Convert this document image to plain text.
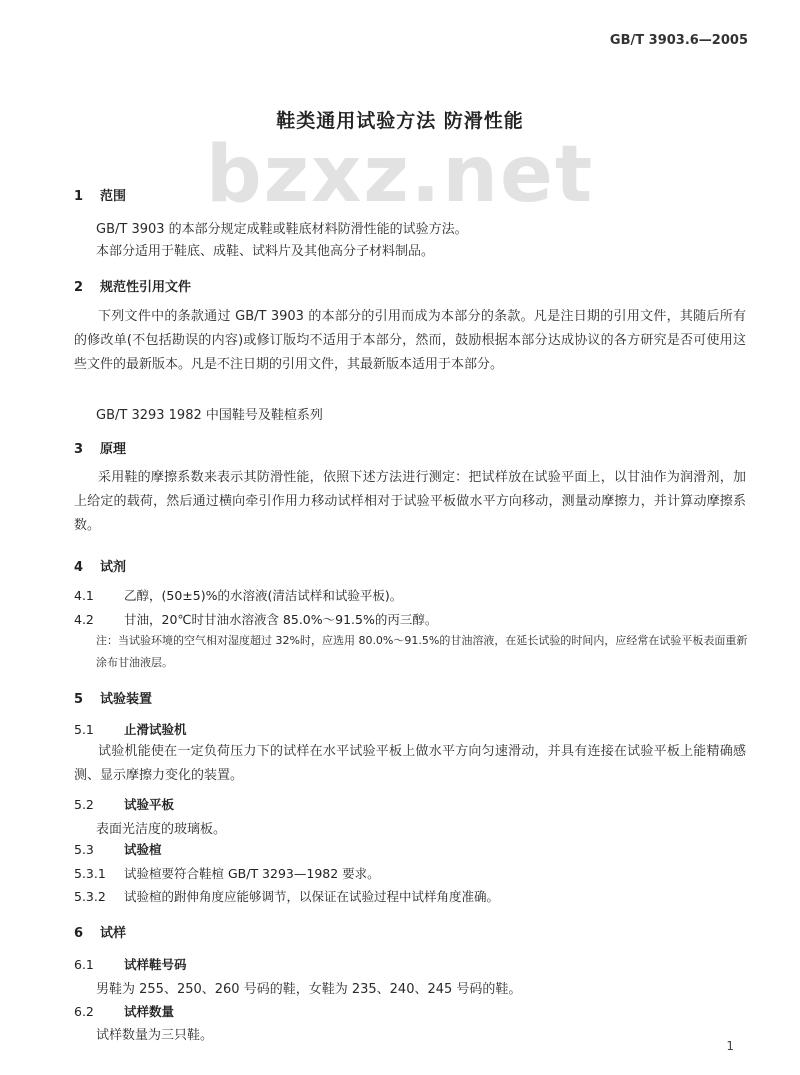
GB/T 3903.6—2005
bzxz.net
鞋类通用试验方法 防滑性能
1 范围
GB/T 3903 的本部分规定成鞋或鞋底材料防滑性能的试验方法。
本部分适用于鞋底、成鞋、试料片及其他高分子材料制品。
2 规范性引用文件
下列文件中的条款通过 GB/T 3903 的本部分的引用而成为本部分的条款。凡是注日期的引用文件，其随后所有的修改单(不包括勘误的内容)或修订版均不适用于本部分，然而，鼓励根据本部分达成协议的各方研究是否可使用这些文件的最新版本。凡是不注日期的引用文件，其最新版本适用于本部分。
GB/T 3293 1982 中国鞋号及鞋楦系列
3 原理
采用鞋的摩擦系数来表示其防滑性能，依照下述方法进行测定：把试样放在试验平面上，以甘油作为润滑剂，加上给定的载荷，然后通过横向牵引作用力移动试样相对于试验平板做水平方向移动，测量动摩擦力，并计算动摩擦系数。
4 试剂
4.1 乙醇，(50±5)%的水溶液(清洁试样和试验平板)。
4.2 甘油，20℃时甘油水溶液含 85.0%～91.5%的丙三醇。
注：当试验环境的空气相对湿度超过 32%时，应选用 80.0%～91.5%的甘油溶液，在延长试验的时间内，应经常在试验平板表面重新涂布甘油液层。
5 试验装置
5.1 止滑试验机
试验机能使在一定负荷压力下的试样在水平试验平板上做水平方向匀速滑动，并具有连接在试验平板上能精确感测、显示摩擦力变化的装置。
5.2 试验平板
表面光洁度的玻璃板。
5.3 试验楦
5.3.1 试验楦要符合鞋楦 GB/T 3293—1982 要求。
5.3.2 试验楦的跗伸角度应能够调节，以保证在试验过程中试样角度准确。
6 试样
6.1 试样鞋号码
男鞋为 255、250、260 号码的鞋，女鞋为 235、240、245 号码的鞋。
6.2 试样数量
试样数量为三只鞋。
1
